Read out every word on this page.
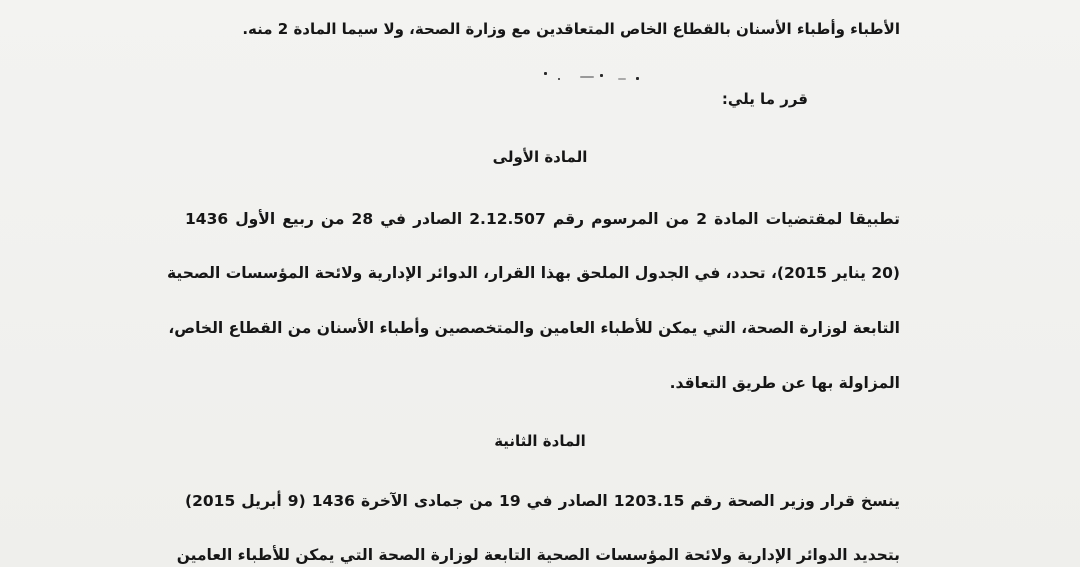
الأطباء وأطباء الأسنان بالقطاع الخاص المتعاقدين مع وزارة الصحة، ولا سيما المادة 2 منه.
قرر ما يلي:
المادة الأولى
تطبيقا لمقتضيات المادة 2 من المرسوم رقم 2.12.507 الصادر في 28 من ربيع الأول 1436
(20 يناير 2015)، تحدد، في الجدول الملحق بهذا القرار، الدوائر الإدارية ولائحة المؤسسات الصحية
التابعة لوزارة الصحة، التي يمكن للأطباء العامين والمتخصصين وأطباء الأسنان من القطاع الخاص،
المزاولة بها عن طريق التعاقد.
المادة الثانية
ينسخ قرار وزير الصحة رقم 1203.15 الصادر في 19 من جمادى الآخرة 1436 (9 أبريل 2015)
بتحديد الدوائر الإدارية ولائحة المؤسسات الصحية التابعة لوزارة الصحة التي يمكن للأطباء العامين
